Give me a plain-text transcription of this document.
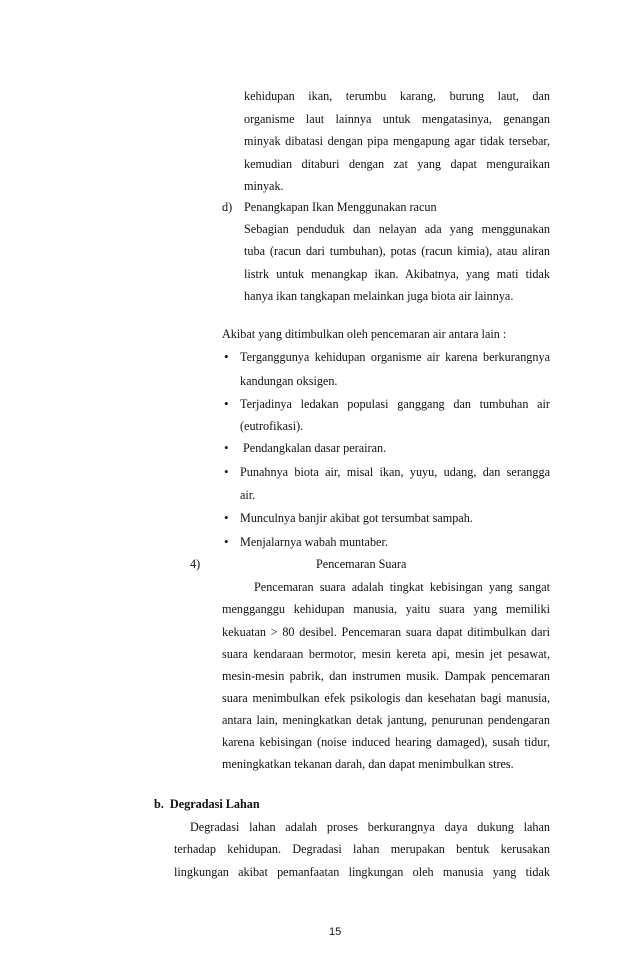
kehidupan ikan, terumbu karang, burung laut, dan
organisme laut lainnya untuk mengatasinya, genangan
minyak dibatasi dengan pipa mengapung agar tidak tersebar,
kemudian ditaburi dengan zat yang dapat menguraikan
minyak.
d) Penangkapan Ikan Menggunakan racun
Sebagian penduduk dan nelayan ada yang menggunakan
tuba (racun dari tumbuhan), potas (racun kimia), atau aliran
listrk untuk menangkap ikan. Akibatnya, yang mati tidak
hanya ikan tangkapan melainkan juga biota air lainnya.
Akibat yang ditimbulkan oleh pencemaran air antara lain :
• Terganggunya kehidupan organisme air karena berkurangnya
kandungan oksigen.
• Terjadinya ledakan populasi ganggang dan tumbuhan air
(eutrofikasi).
• Pendangkalan dasar perairan.
• Punahnya biota air, misal ikan, yuyu, udang, dan serangga
air.
• Munculnya banjir akibat got tersumbat sampah.
• Menjalarnya wabah muntaber.
4)	Pencemaran Suara
Pencemaran suara adalah tingkat kebisingan yang sangat
mengganggu kehidupan manusia, yaitu suara yang memiliki
kekuatan > 80 desibel. Pencemaran suara dapat ditimbulkan dari
suara kendaraan bermotor, mesin kereta api, mesin jet pesawat,
mesin-mesin pabrik, dan instrumen musik. Dampak pencemaran
suara menimbulkan efek psikologis dan kesehatan bagi manusia,
antara lain, meningkatkan detak jantung, penurunan pendengaran
karena kebisingan (noise induced hearing damaged), susah tidur,
meningkatkan tekanan darah, dan dapat menimbulkan stres.
b.  Degradasi Lahan
Degradasi lahan adalah proses berkurangnya daya dukung lahan
terhadap kehidupan. Degradasi lahan merupakan bentuk kerusakan
lingkungan akibat pemanfaatan lingkungan oleh manusia yang tidak
15
